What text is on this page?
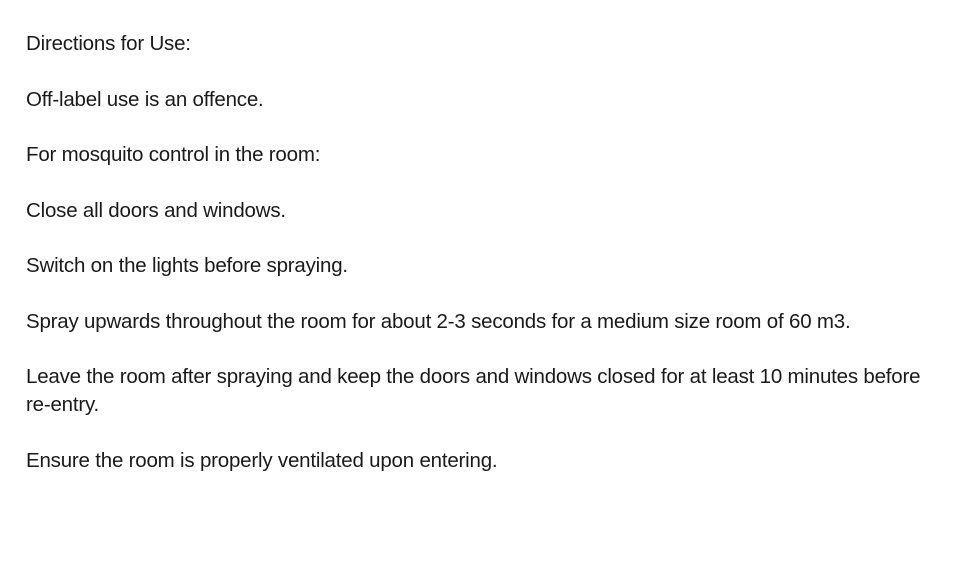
Directions for Use:

Off-label use is an offence.

For mosquito control in the room:

Close all doors and windows.

Switch on the lights before spraying.

Spray upwards throughout the room for about 2-3 seconds for a medium size room of 60 m3.

Leave the room after spraying and keep the doors and windows closed for at least 10 minutes before re-entry.

Ensure the room is properly ventilated upon entering.
